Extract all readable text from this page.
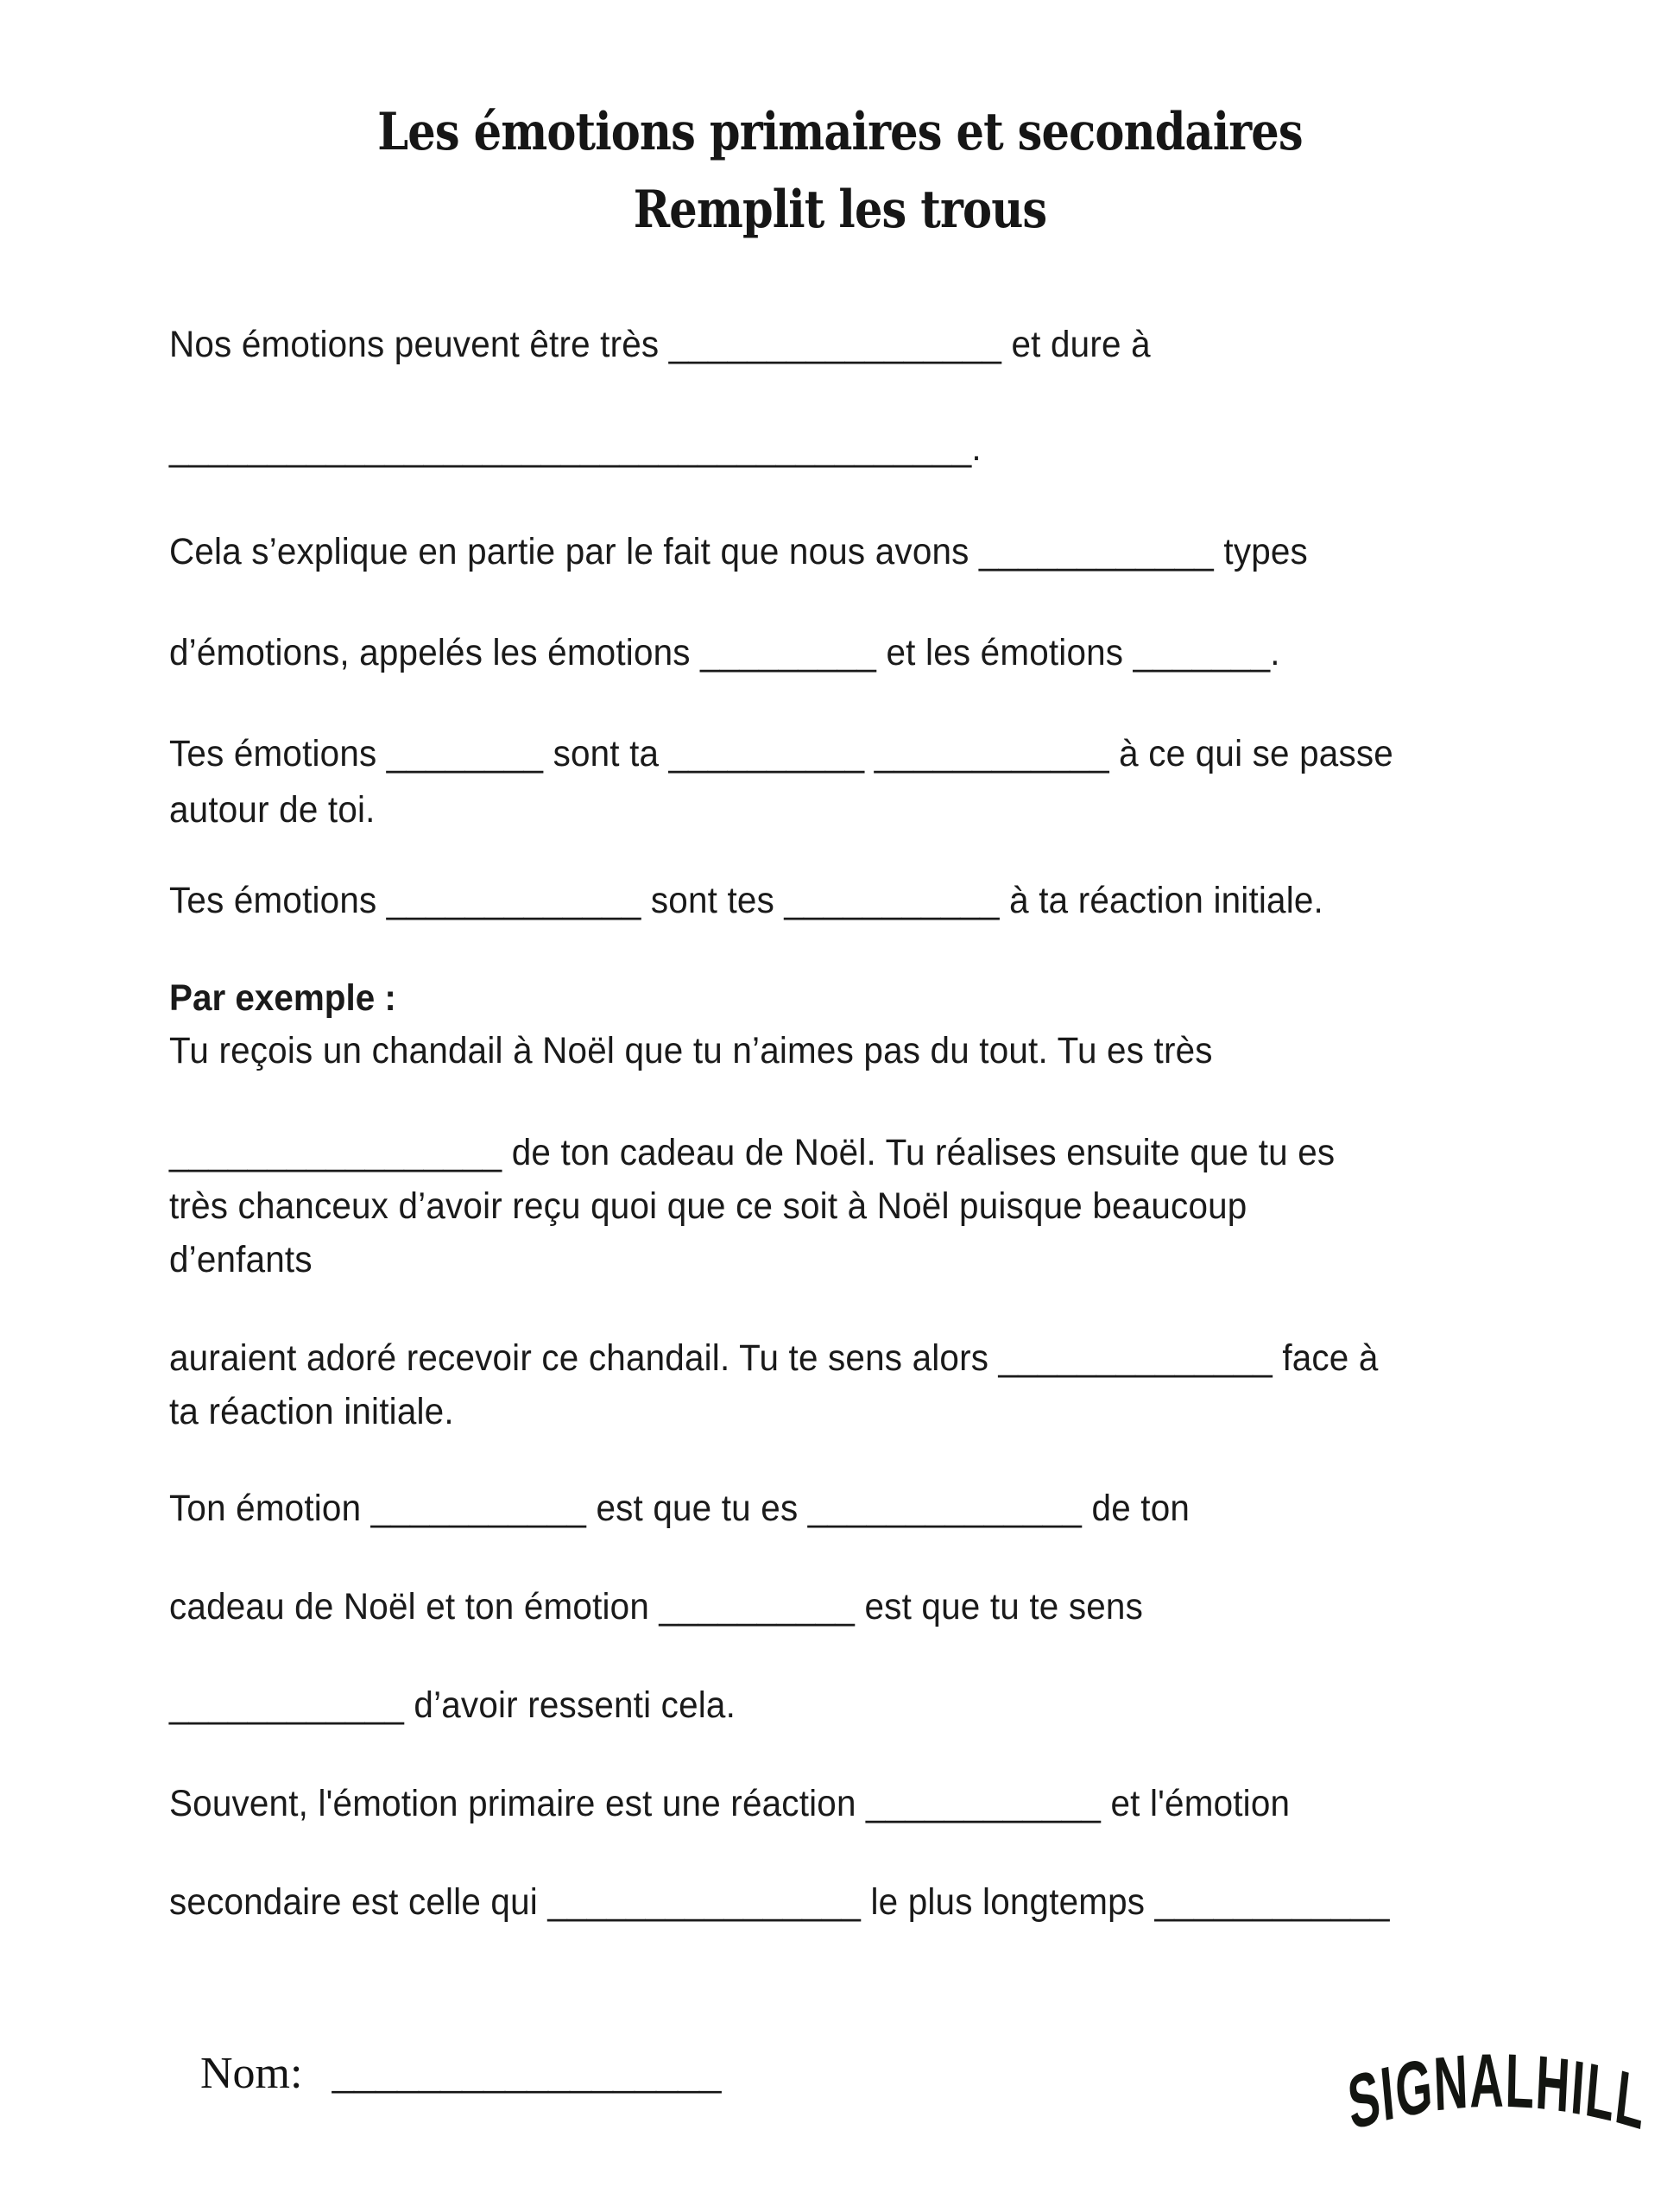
Les émotions primaires et secondaires
Remplit les trous
Nos émotions peuvent être très _________________ et dure à
_________________________________________.
Cela s’explique en partie par le fait que nous avons ____________ types
d’émotions, appelés les émotions _________ et les émotions _______.
Tes émotions ________ sont ta __________ ____________ à ce qui se passe
autour de toi.
Tes émotions _____________ sont tes ___________ à ta réaction initiale.
Par exemple :
Tu reçois un chandail à Noël que tu n’aimes pas du tout. Tu es très
_________________ de ton cadeau de Noël. Tu réalises ensuite que tu es
très chanceux d’avoir reçu quoi que ce soit à Noël puisque beaucoup
d’enfants
auraient adoré recevoir ce chandail. Tu te sens alors ______________ face à
ta réaction initiale.
Ton émotion ___________ est que tu es ______________ de ton
cadeau de Noël et ton émotion __________ est que tu te sens
____________ d’avoir ressenti cela.
Souvent, l'émotion primaire est une réaction ____________ et l'émotion
secondaire est celle qui ________________ le plus longtemps ____________
Nom: __________________	SIGNALHILL
